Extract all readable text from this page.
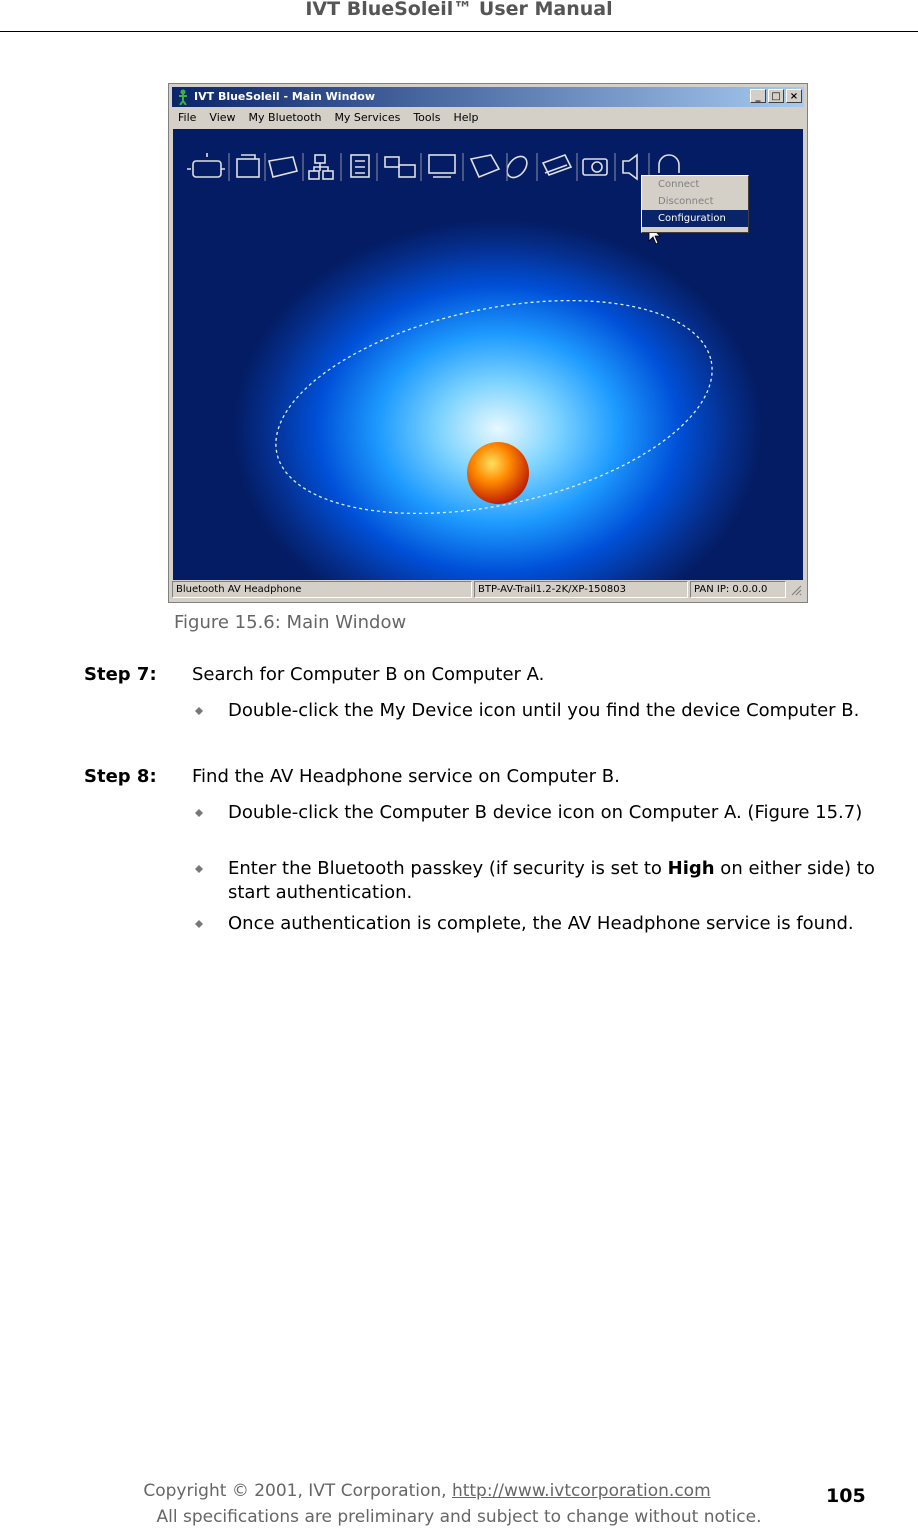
IVT BlueSoleil™ User Manual
IVT BlueSoleil - Main Window	_	□ ×
File View My Bluetooth My Services Tools Help
Connect
Disconnect
Configuration
Bluetooth AV Headphone	BTP-AV-Trail1.2-2K/XP-150803	PAN IP: 0.0.0.0
Figure 15.6: Main Window
Step 7: Search for Computer B on Computer A.
Double-click the My Device icon until you find the device Computer B.
Step 8: Find the AV Headphone service on Computer B.
Double-click the Computer B device icon on Computer A. (Figure 15.7)
Enter the Bluetooth passkey (if security is set to High on either side) to start authentication.
Once authentication is complete, the AV Headphone service is found.
Copyright © 2001, IVT Corporation, http://www.ivtcorporation.com
All specifications are preliminary and subject to change without notice.
105
